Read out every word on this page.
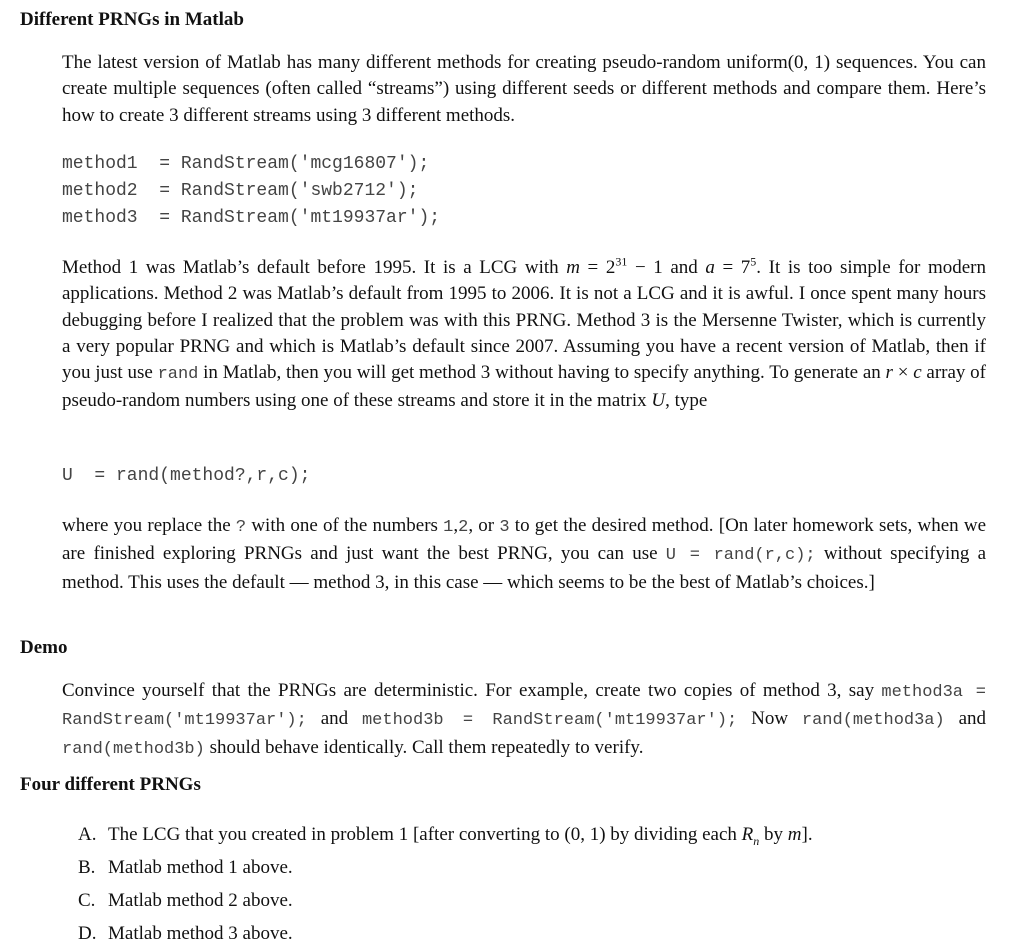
Different PRNGs in Matlab

The latest version of Matlab has many different methods for creating pseudo-random uniform(0, 1) sequences. You can create multiple sequences (often called “streams”) using different seeds or different methods and compare them. Here’s how to create 3 different streams using 3 different methods.

method1  = RandStream('mcg16807');
method2  = RandStream('swb2712');
method3  = RandStream('mt19937ar');

Method 1 was Matlab’s default before 1995. It is a LCG with $m = 2^{31} - 1$ and $a = 7^5$. It is too simple for modern applications. Method 2 was Matlab’s default from 1995 to 2006. It is not a LCG and it is awful. I once spent many hours debugging before I realized that the problem was with this PRNG. Method 3 is the Mersenne Twister, which is currently a very popular PRNG and which is Matlab’s default since 2007. Assuming you have a recent version of Matlab, then if you just use rand in Matlab, then you will get method 3 without having to specify anything. To generate an r × c array of pseudo-random numbers using one of these streams and store it in the matrix U, type

U  = rand(method?,r,c);

where you replace the ? with one of the numbers 1,2, or 3 to get the desired method. [On later homework sets, when we are finished exploring PRNGs and just want the best PRNG, you can use U = rand(r,c); without specifying a method. This uses the default — method 3, in this case — which seems to be the best of Matlab’s choices.]

Demo

Convince yourself that the PRNGs are deterministic. For example, create two copies of method 3, say method3a = RandStream('mt19937ar'); and method3b = RandStream('mt19937ar'); Now rand(method3a) and rand(method3b) should behave identically. Call them repeatedly to verify.

Four different PRNGs
A. The LCG that you created in problem 1 [after converting to (0, 1) by dividing each $R_n$ by m].
B. Matlab method 1 above.
C. Matlab method 2 above.
D. Matlab method 3 above.
